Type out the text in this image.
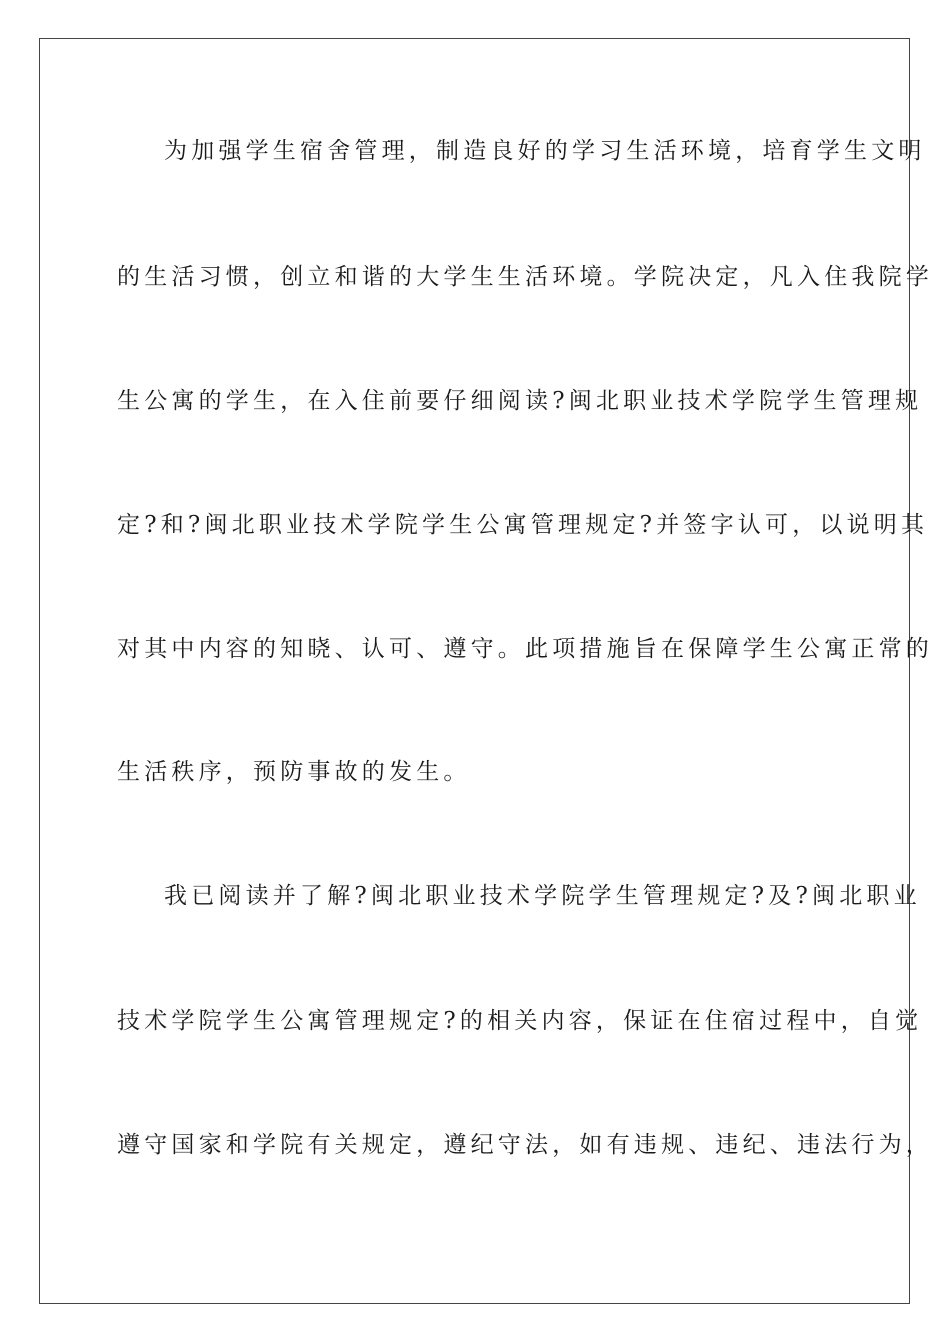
为加强学生宿舍管理，制造良好的学习生活环境，培育学生文明
的生活习惯，创立和谐的大学生生活环境。学院决定，凡入住我院学
生公寓的学生，在入住前要仔细阅读?闽北职业技术学院学生管理规
定?和?闽北职业技术学院学生公寓管理规定?并签字认可，以说明其
对其中内容的知晓、认可、遵守。此项措施旨在保障学生公寓正常的
生活秩序，预防事故的发生。
我已阅读并了解?闽北职业技术学院学生管理规定?及?闽北职业
技术学院学生公寓管理规定?的相关内容，保证在住宿过程中，自觉
遵守国家和学院有关规定，遵纪守法，如有违规、违纪、违法行为，
